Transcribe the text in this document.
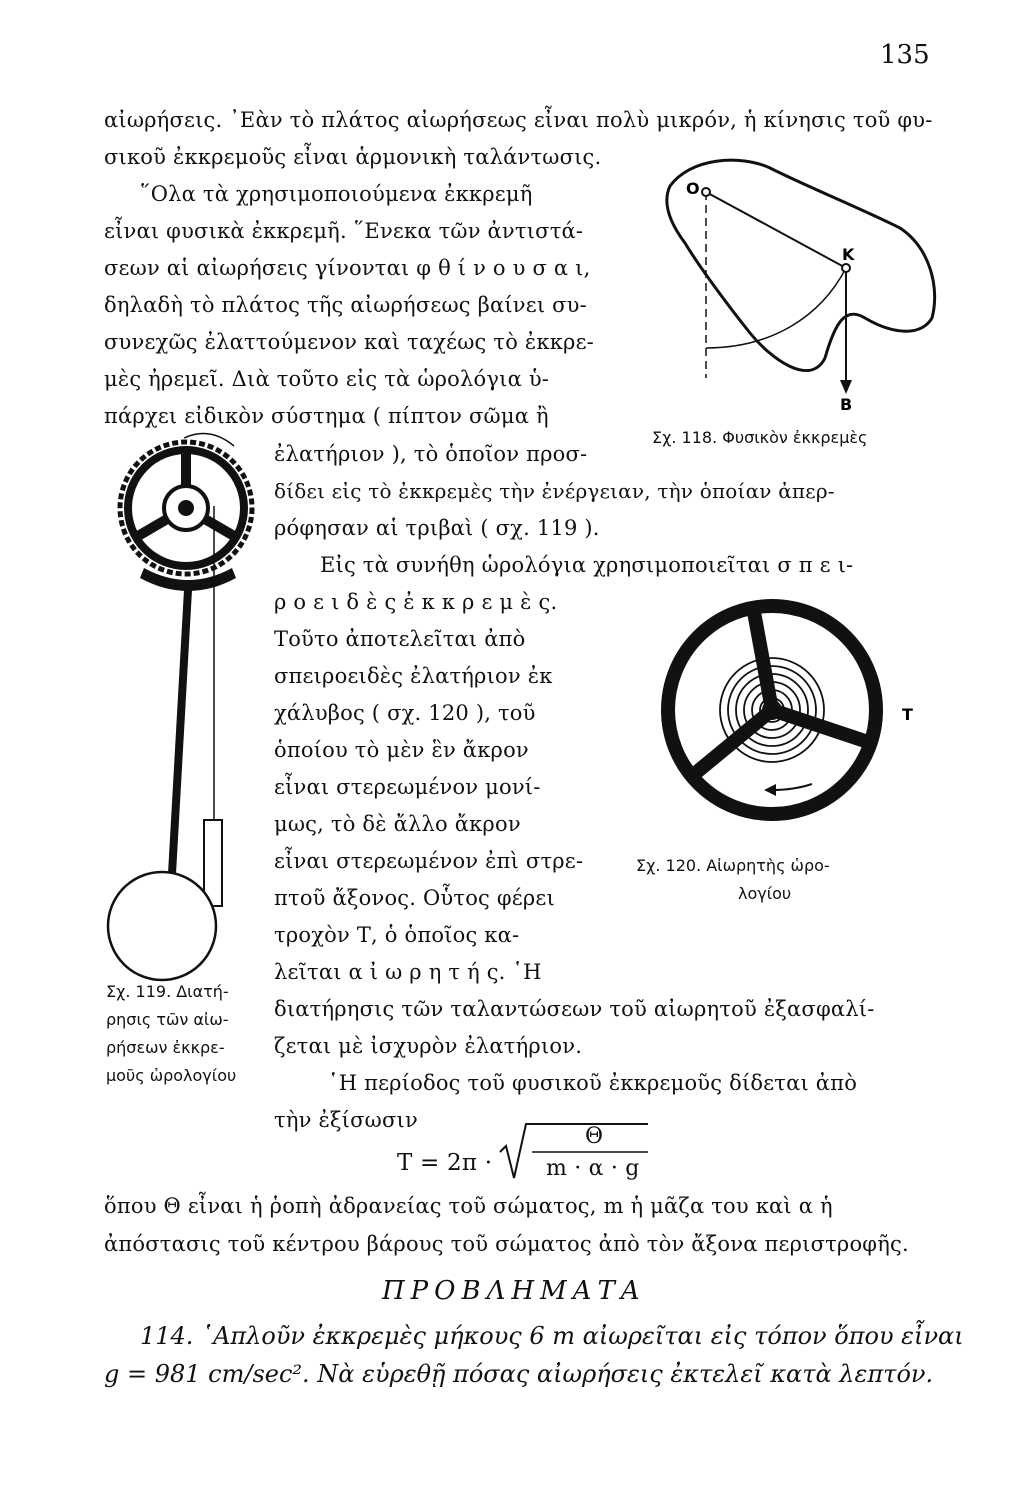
135
αἰωρήσεις. ᾽Εὰν τὸ πλάτος αἰωρήσεως εἶναι πολὺ μικρόν, ἡ κίνησις τοῦ φυ-
σικοῦ ἐκκρεμοῦς εἶναι ἁρμονικὴ ταλάντωσις.
῞Ολα τὰ χρησιμοποιούμενα ἐκκρεμῆ
εἶναι φυσικὰ ἐκκρεμῆ. ῞Ενεκα τῶν ἀντιστά-
σεων αἱ αἰωρήσεις γίνονται φ θ ί ν ο υ σ α ι,
δηλαδὴ τὸ πλάτος τῆς αἰωρήσεως βαίνει συ-
συνεχῶς ἐλαττούμενον καὶ ταχέως τὸ ἐκκρε-
μὲς ἠρεμεῖ. Διὰ τοῦτο εἰς τὰ ὡρολόγια ὑ-
πάρχει εἰδικὸν σύστημα ( πίπτον σῶμα ἢ
ἐλατήριον ), τὸ ὁποῖον προσ-
δίδει εἰς τὸ ἐκκρεμὲς τὴν ἐνέργειαν, τὴν ὁποίαν ἀπερ-
ρόφησαν αἱ τριβαὶ ( σχ. 119 ).
Εἰς τὰ συνήθη ὡρολόγια χρησιμοποιεῖται σ π ε ι-
ρ ο ε ι δ ὲ ς ἐ κ κ ρ ε μ ὲ ς.
Τοῦτο ἀποτελεῖται ἀπὸ
σπειροειδὲς ἐλατήριον ἐκ
χάλυβος ( σχ. 120 ), τοῦ
ὁποίου τὸ μὲν ἓν ἄκρον
εἶναι στερεωμένον μονί-
μως, τὸ δὲ ἄλλο ἄκρον
εἶναι στερεωμένον ἐπὶ στρε-
πτοῦ ἄξονος. Οὗτος φέρει
τροχὸν Τ, ὁ ὁποῖος κα-
λεῖται α ἰ ω ρ η τ ή ς. ῾Η
διατήρησις τῶν ταλαντώσεων τοῦ αἰωρητοῦ ἐξασφαλί-
ζεται μὲ ἰσχυρὸν ἐλατήριον.
῾Η περίοδος τοῦ φυσικοῦ ἐκκρεμοῦς δίδεται ἀπὸ
τὴν ἐξίσωσιν
T = 2π ·
Θ
m · α · g
ὅπου Θ εἶναι ἡ ῥοπὴ ἀδρανείας τοῦ σώματος, m ἡ μᾶζα του καὶ α ἡ
ἀπόστασις τοῦ κέντρου βάρους τοῦ σώματος ἀπὸ τὸν ἄξονα περιστροφῆς.
ΠΡΟΒΛΗΜΑΤΑ
114. ῾Απλοῦν ἐκκρεμὲς μήκους 6 m αἰωρεῖται εἰς τόπον ὅπου εἶναι
g = 981 cm/sec². Νὰ εὑρεθῇ πόσας αἰωρήσεις ἐκτελεῖ κατὰ λεπτόν.
O
K
B
Σχ. 118. Φυσικὸν ἐκκρεμὲς
Σχ. 119. Διατή-
ρησις τῶν αἰω-
ρήσεων ἐκκρε-
μοῦς ὡρολογίου
T
Σχ. 120. Αἰωρητὴς ὡρο-
λογίου
